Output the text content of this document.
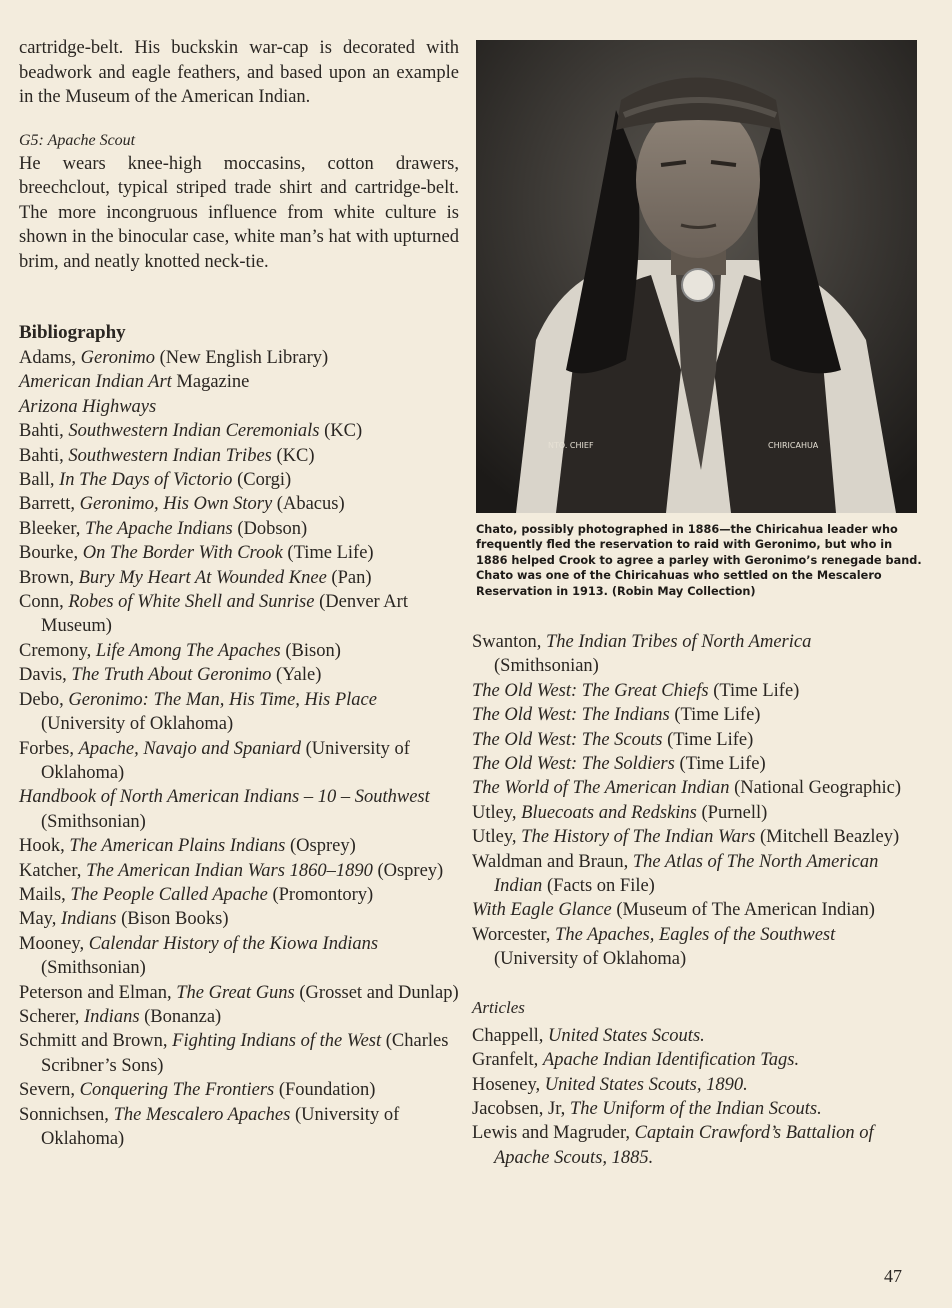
cartridge-belt. His buckskin war-cap is decorated with beadwork and eagle feathers, and based upon an example in the Museum of the American Indian.

G5: Apache Scout

He wears knee-high moccasins, cotton drawers, breechclout, typical striped trade shirt and cartridge-belt. The more incongruous influence from white culture is shown in the binocular case, white man’s hat with upturned brim, and neatly knotted neck-tie.

Bibliography
Adams, Geronimo (New English Library)
American Indian Art Magazine
Arizona Highways
Bahti, Southwestern Indian Ceremonials (KC)
Bahti, Southwestern Indian Tribes (KC)
Ball, In The Days of Victorio (Corgi)
Barrett, Geronimo, His Own Story (Abacus)
Bleeker, The Apache Indians (Dobson)
Bourke, On The Border With Crook (Time Life)
Brown, Bury My Heart At Wounded Knee (Pan)
Conn, Robes of White Shell and Sunrise (Denver Art Museum)
Cremony, Life Among The Apaches (Bison)
Davis, The Truth About Geronimo (Yale)
Debo, Geronimo: The Man, His Time, His Place (University of Oklahoma)
Forbes, Apache, Navajo and Spaniard (University of Oklahoma)
Handbook of North American Indians – 10 – Southwest (Smithsonian)
Hook, The American Plains Indians (Osprey)
Katcher, The American Indian Wars 1860–1890 (Osprey)
Mails, The People Called Apache (Promontory)
May, Indians (Bison Books)
Mooney, Calendar History of the Kiowa Indians (Smithsonian)
Peterson and Elman, The Great Guns (Grosset and Dunlap)
Scherer, Indians (Bonanza)
Schmitt and Brown, Fighting Indians of the West (Charles Scribner’s Sons)
Severn, Conquering The Frontiers (Foundation)
Sonnichsen, The Mescalero Apaches (University of Oklahoma)
NTO. CHIEF	CHIRICAHUA
Chato, possibly photographed in 1886—the Chiricahua leader who frequently fled the reservation to raid with Geronimo, but who in 1886 helped Crook to agree a parley with Geronimo’s renegade band. Chato was one of the Chiricahuas who settled on the Mescalero Reservation in 1913. (Robin May Collection)
Swanton, The Indian Tribes of North America (Smithsonian)
The Old West: The Great Chiefs (Time Life)
The Old West: The Indians (Time Life)
The Old West: The Scouts (Time Life)
The Old West: The Soldiers (Time Life)
The World of The American Indian (National Geographic)
Utley, Bluecoats and Redskins (Purnell)
Utley, The History of The Indian Wars (Mitchell Beazley)
Waldman and Braun, The Atlas of The North American Indian (Facts on File)
With Eagle Glance (Museum of The American Indian)
Worcester, The Apaches, Eagles of the Southwest (University of Oklahoma)
Articles
Chappell, United States Scouts.
Granfelt, Apache Indian Identification Tags.
Hoseney, United States Scouts, 1890.
Jacobsen, Jr, The Uniform of the Indian Scouts.
Lewis and Magruder, Captain Crawford’s Battalion of Apache Scouts, 1885.
47
